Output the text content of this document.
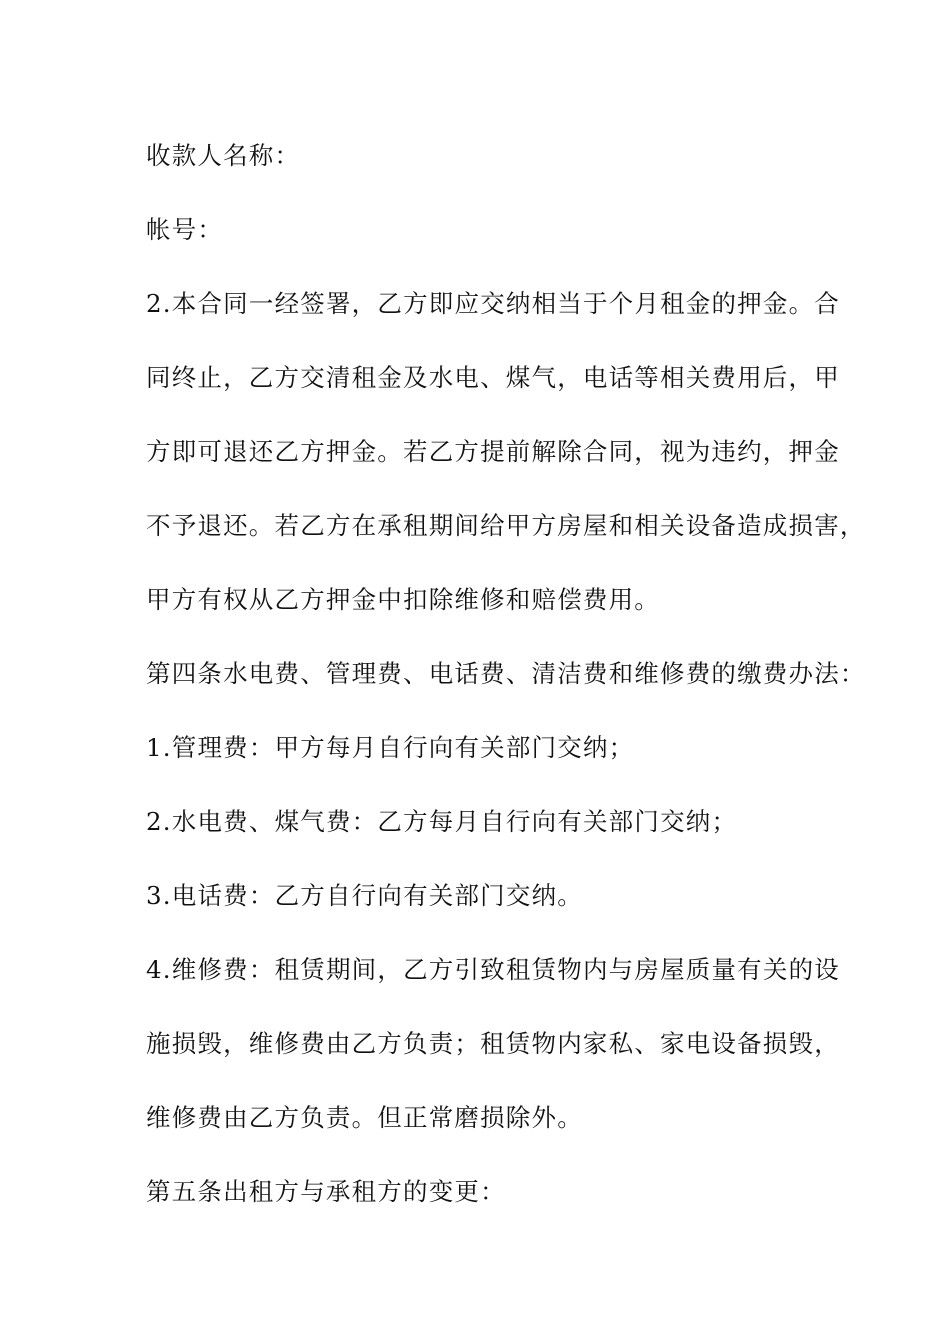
收款人名称：

帐号：

2.本合同一经签署，乙方即应交纳相当于个月租金的押金。合

同终止，乙方交清租金及水电、煤气，电话等相关费用后，甲

方即可退还乙方押金。若乙方提前解除合同，视为违约，押金

不予退还。若乙方在承租期间给甲方房屋和相关设备造成损害，

甲方有权从乙方押金中扣除维修和赔偿费用。

第四条水电费、管理费、电话费、清洁费和维修费的缴费办法：

1.管理费：甲方每月自行向有关部门交纳；

2.水电费、煤气费：乙方每月自行向有关部门交纳；

3.电话费：乙方自行向有关部门交纳。

4.维修费：租赁期间，乙方引致租赁物内与房屋质量有关的设

施损毁，维修费由乙方负责；租赁物内家私、家电设备损毁，

维修费由乙方负责。但正常磨损除外。

第五条出租方与承租方的变更：
